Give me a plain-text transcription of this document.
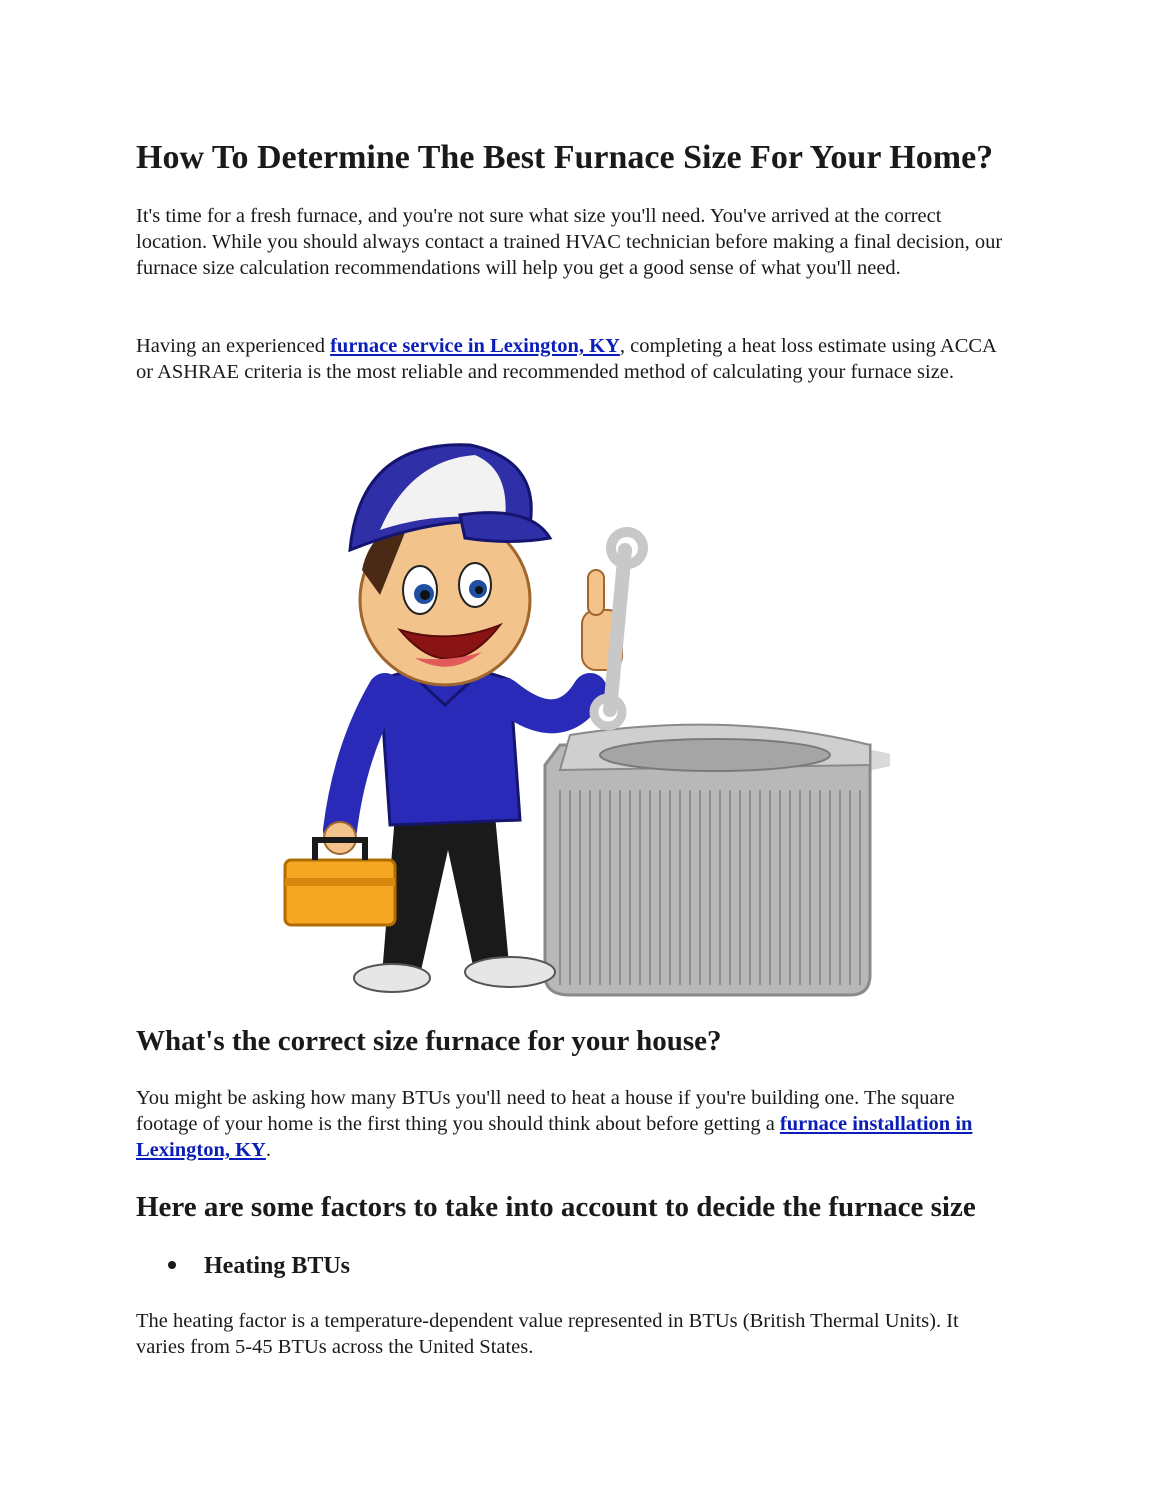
How To Determine The Best Furnace Size For Your Home?

It's time for a fresh furnace, and you're not sure what size you'll need. You've arrived at the correct location. While you should always contact a trained HVAC technician before making a final decision, our furnace size calculation recommendations will help you get a good sense of what you'll need.

Having an experienced furnace service in Lexington, KY, completing a heat loss estimate using ACCA or ASHRAE criteria is the most reliable and recommended method of calculating your furnace size.

What's the correct size furnace for your house?

You might be asking how many BTUs you'll need to heat a house if you're building one. The square footage of your home is the first thing you should think about before getting a furnace installation in Lexington, KY.

Here are some factors to take into account to decide the furnace size
Heating BTUs

The heating factor is a temperature-dependent value represented in BTUs (British Thermal Units). It varies from 5-45 BTUs across the United States.
